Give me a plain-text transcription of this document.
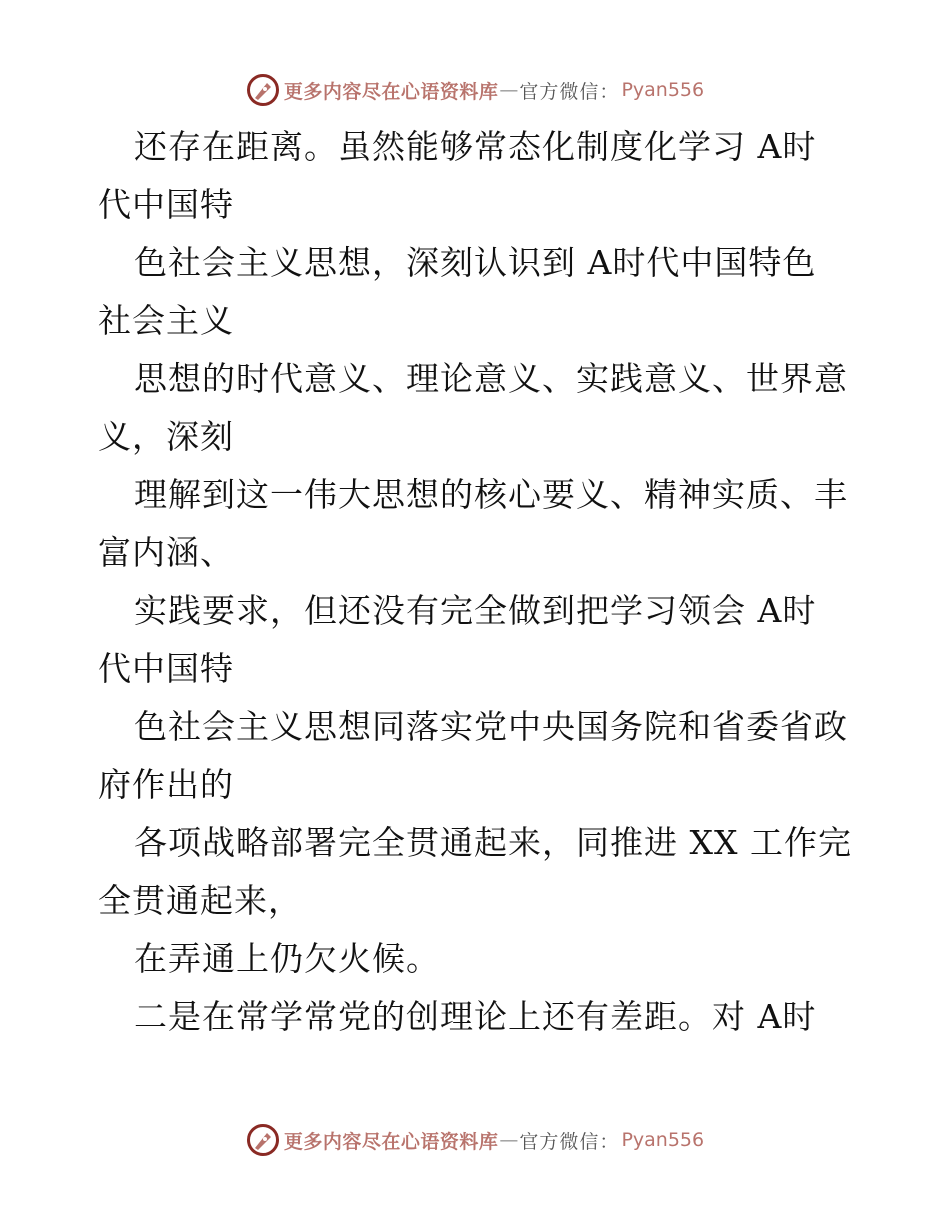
更多内容尽在心语资料库 — 官方微信： Pyan556
还存在距离。虽然能够常态化制度化学习 A时
代中国特
色社会主义思想，深刻认识到 A时代中国特色
社会主义
思想的时代意义、理论意义、实践意义、世界意
义，深刻
理解到这一伟大思想的核心要义、精神实质、丰
富内涵、
实践要求，但还没有完全做到把学习领会 A时
代中国特
色社会主义思想同落实党中央国务院和省委省政
府作出的
各项战略部署完全贯通起来，同推进 XX 工作完
全贯通起来，
在弄通上仍欠火候。
二是在常学常党的创理论上还有差距。对 A时
更多内容尽在心语资料库 — 官方微信： Pyan556
